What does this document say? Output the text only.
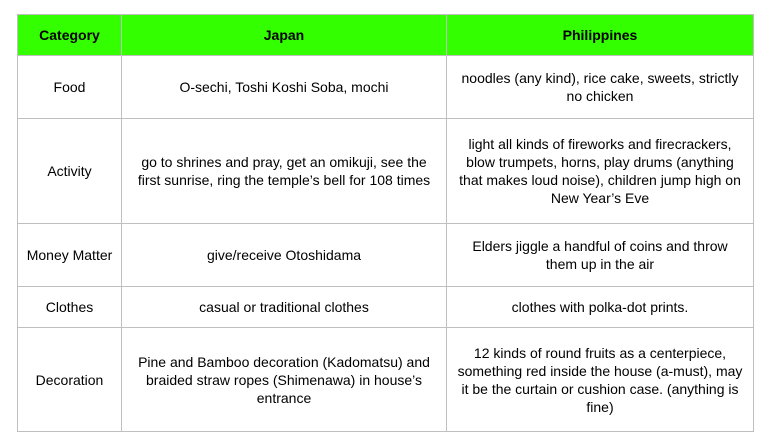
Category	Japan	Philippines
Food	O-sechi, Toshi Koshi Soba, mochi	noodles (any kind), rice cake, sweets, strictly no chicken
Activity	go to shrines and pray, get an omikuji, see the first sunrise, ring the temple’s bell for 108 times	light all kinds of fireworks and firecrackers, blow trumpets, horns, play drums (anything that makes loud noise), children jump high on New Year’s Eve
Money Matter	give/receive Otoshidama	Elders jiggle a handful of coins and throw them up in the air
Clothes	casual or traditional clothes	clothes with polka-dot prints.
Decoration	Pine and Bamboo decoration (Kadomatsu) and braided straw ropes (Shimenawa) in house’s entrance	12 kinds of round fruits as a centerpiece, something red inside the house (a-must), may it be the curtain or cushion case. (anything is fine)
